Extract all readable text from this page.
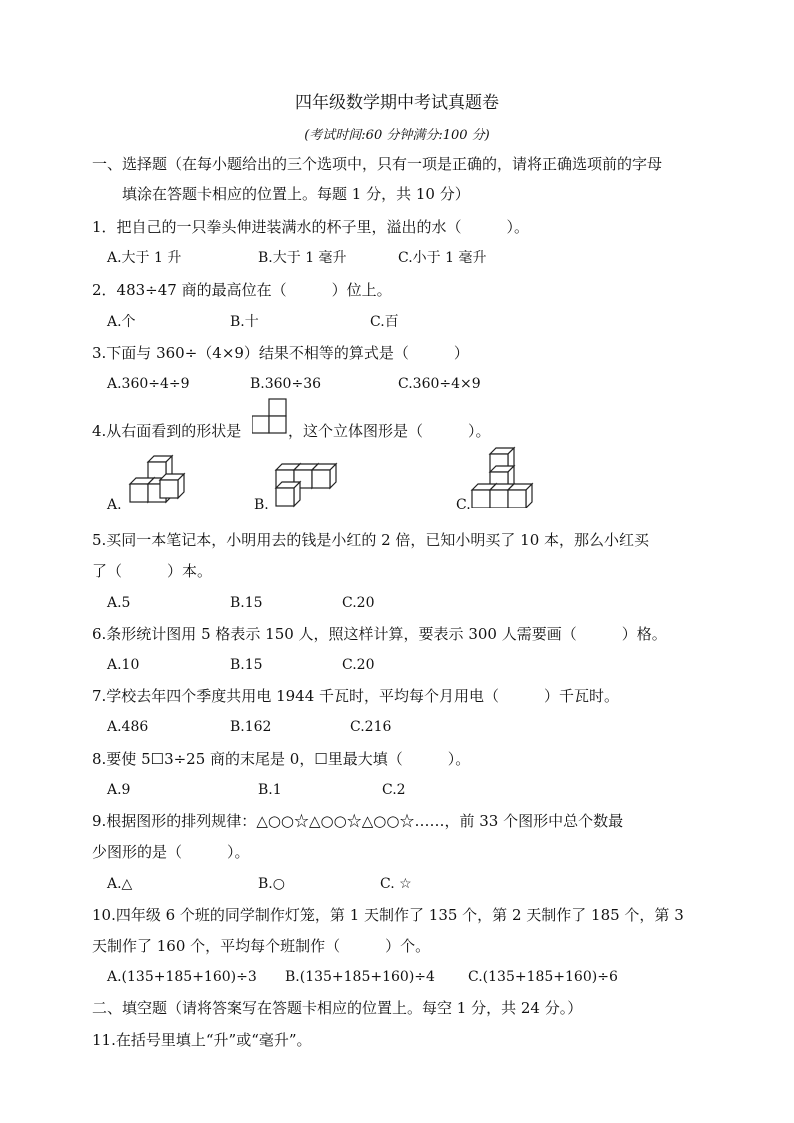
四年级数学期中考试真题卷
(考试时间:60 分钟满分:100 分)
一、选择题（在每小题给出的三个选项中，只有一项是正确的，请将正确选项前的字母
填涂在答题卡相应的位置上。每题 1 分，共 10 分）
1．把自己的一只拳头伸进装满水的杯子里，溢出的水（　　　）。
A.大于 1 升	B.大于 1 毫升	C.小于 1 毫升
2．483÷47 商的最高位在（　　　）位上。
A.个	B.十	C.百
3.下面与 360÷（4×9）结果不相等的算式是（　　　）
A.360÷4÷9	B.360÷36	C.360÷4×9
4.从右面看到的形状是	，这个立体图形是（　　　）。
A.	B.	C.
5.买同一本笔记本，小明用去的钱是小红的 2 倍，已知小明买了 10 本，那么小红买
了（　　　）本。
A.5	B.15	C.20
6.条形统计图用 5 格表示 150 人，照这样计算，要表示 300 人需要画（　　　）格。
A.10	B.15	C.20
7.学校去年四个季度共用电 1944 千瓦时，平均每个月用电（　　　）千瓦时。
A.486	B.162	C.216
8.要使 5☐3÷25 商的末尾是 0，☐里最大填（　　　）。
A.9	B.1	C.2
9.根据图形的排列规律：△○○☆△○○☆△○○☆……，前 33 个图形中总个数最
少图形的是（　　　）。
A.△	B.○	C. ☆
10.四年级 6 个班的同学制作灯笼，第 1 天制作了 135 个，第 2 天制作了 185 个，第 3
天制作了 160 个，平均每个班制作（　　　）个。
A.(135+185+160)÷3 B.(135+185+160)÷4 C.(135+185+160)÷6
二、填空题（请将答案写在答题卡相应的位置上。每空 1 分，共 24 分。）
11.在括号里填上“升”或“毫升”。
